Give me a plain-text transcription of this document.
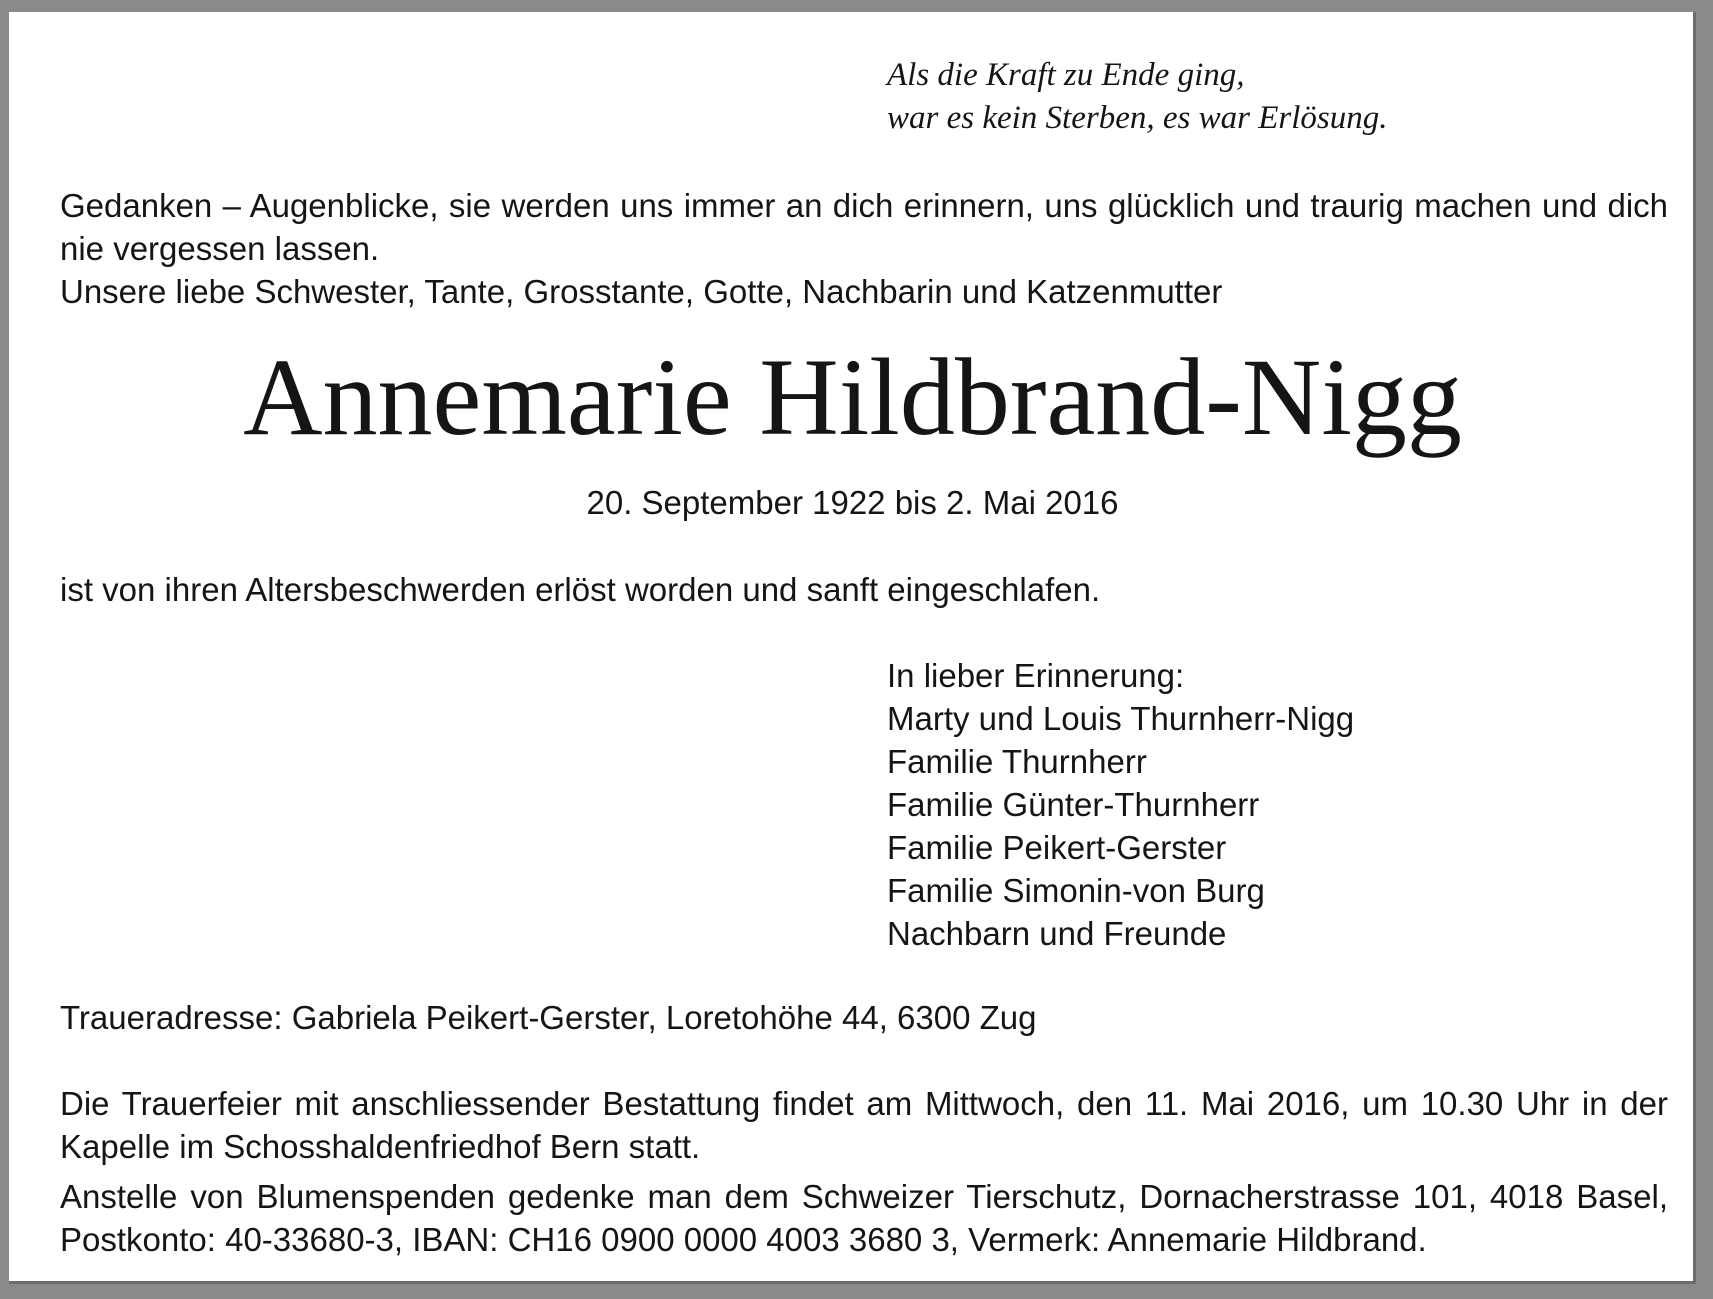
Als die Kraft zu Ende ging,
war es kein Sterben, es war Erlösung.
Gedanken – Augenblicke, sie werden uns immer an dich erinnern, uns glücklich und traurig machen und dich nie vergessen lassen.
Unsere liebe Schwester, Tante, Grosstante, Gotte, Nachbarin und Katzenmutter
Annemarie Hildbrand-Nigg
20. September 1922 bis 2. Mai 2016
ist von ihren Altersbeschwerden erlöst worden und sanft eingeschlafen.
In lieber Erinnerung:
Marty und Louis Thurnherr-Nigg
Familie Thurnherr
Familie Günter-Thurnherr
Familie Peikert-Gerster
Familie Simonin-von Burg
Nachbarn und Freunde
Traueradresse: Gabriela Peikert-Gerster, Loretohöhe 44, 6300 Zug
Die Trauerfeier mit anschliessender Bestattung findet am Mittwoch, den 11. Mai 2016, um 10.30 Uhr in der Kapelle im Schosshaldenfriedhof Bern statt.
Anstelle von Blumenspenden gedenke man dem Schweizer Tierschutz, Dornacherstrasse 101, 4018 Basel, Postkonto: 40-33680-3, IBAN: CH16 0900 0000 4003 3680 3, Vermerk: Annemarie Hildbrand.
